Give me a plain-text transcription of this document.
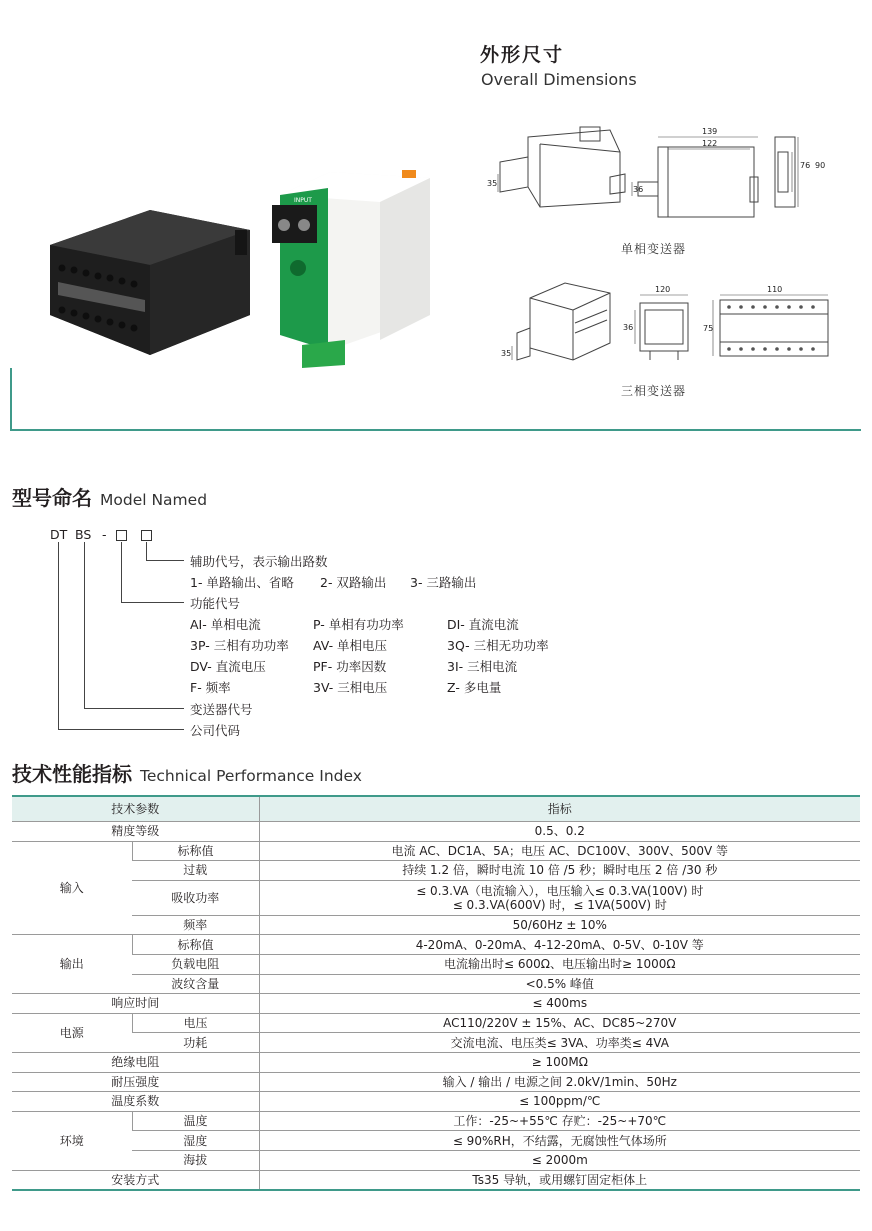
INPUT
外形尺寸
Overall Dimensions
139
122
76 90
35
36
单相变送器
120	110
36	75
35
三相变送器
型号命名 Model Named
DT BS -
辅助代号，表示输出路数
1- 单路输出、省略 2- 双路输出 3- 三路输出
功能代号
AI- 单相电流	P- 单相有功功率	DI- 直流电流
3P- 三相有功功率 AV- 单相电压	3Q- 三相无功功率
DV- 直流电压	PF- 功率因数	3I- 三相电流
F- 频率	3V- 三相电压	Z- 多电量
变送器代号
公司代码
技术性能指标 Technical Performance Index
技术参数		指标
精度等级		0.5、0.2
输入	标称值	电流 AC、DC1A、5A；电压 AC、DC100V、300V、500V 等
	过载	持续 1.2 倍，瞬时电流 10 倍 /5 秒；瞬时电压 2 倍 /30 秒
	吸收功率	≤ 0.3.VA（电流输入），电压输入≤ 0.3.VA(100V) 时
≤ 0.3.VA(600V) 时，≤ 1VA(500V) 时

	频率	50/60Hz ± 10%
输出	标称值	4-20mA、0-20mA、4-12-20mA、0-5V、0-10V 等
	负载电阻	电流输出时≤ 600Ω、电压输出时≥ 1000Ω
	波纹含量	<0.5% 峰值
响应时间		≤ 400ms
电源	电压	AC110/220V ± 15%、AC、DC85~270V
	功耗	交流电流、电压类≤ 3VA、功率类≤ 4VA
绝缘电阻		≥ 100MΩ
耐压强度		输入 / 输出 / 电源之间 2.0kV/1min、50Hz
温度系数		≤ 100ppm/℃
环境	温度	工作：-25~+55℃ 存贮：-25~+70℃
	湿度	≤ 90%RH，不结露，无腐蚀性气体场所
	海拔	≤ 2000m
安装方式		Ts35 导轨，或用螺钉固定柜体上
